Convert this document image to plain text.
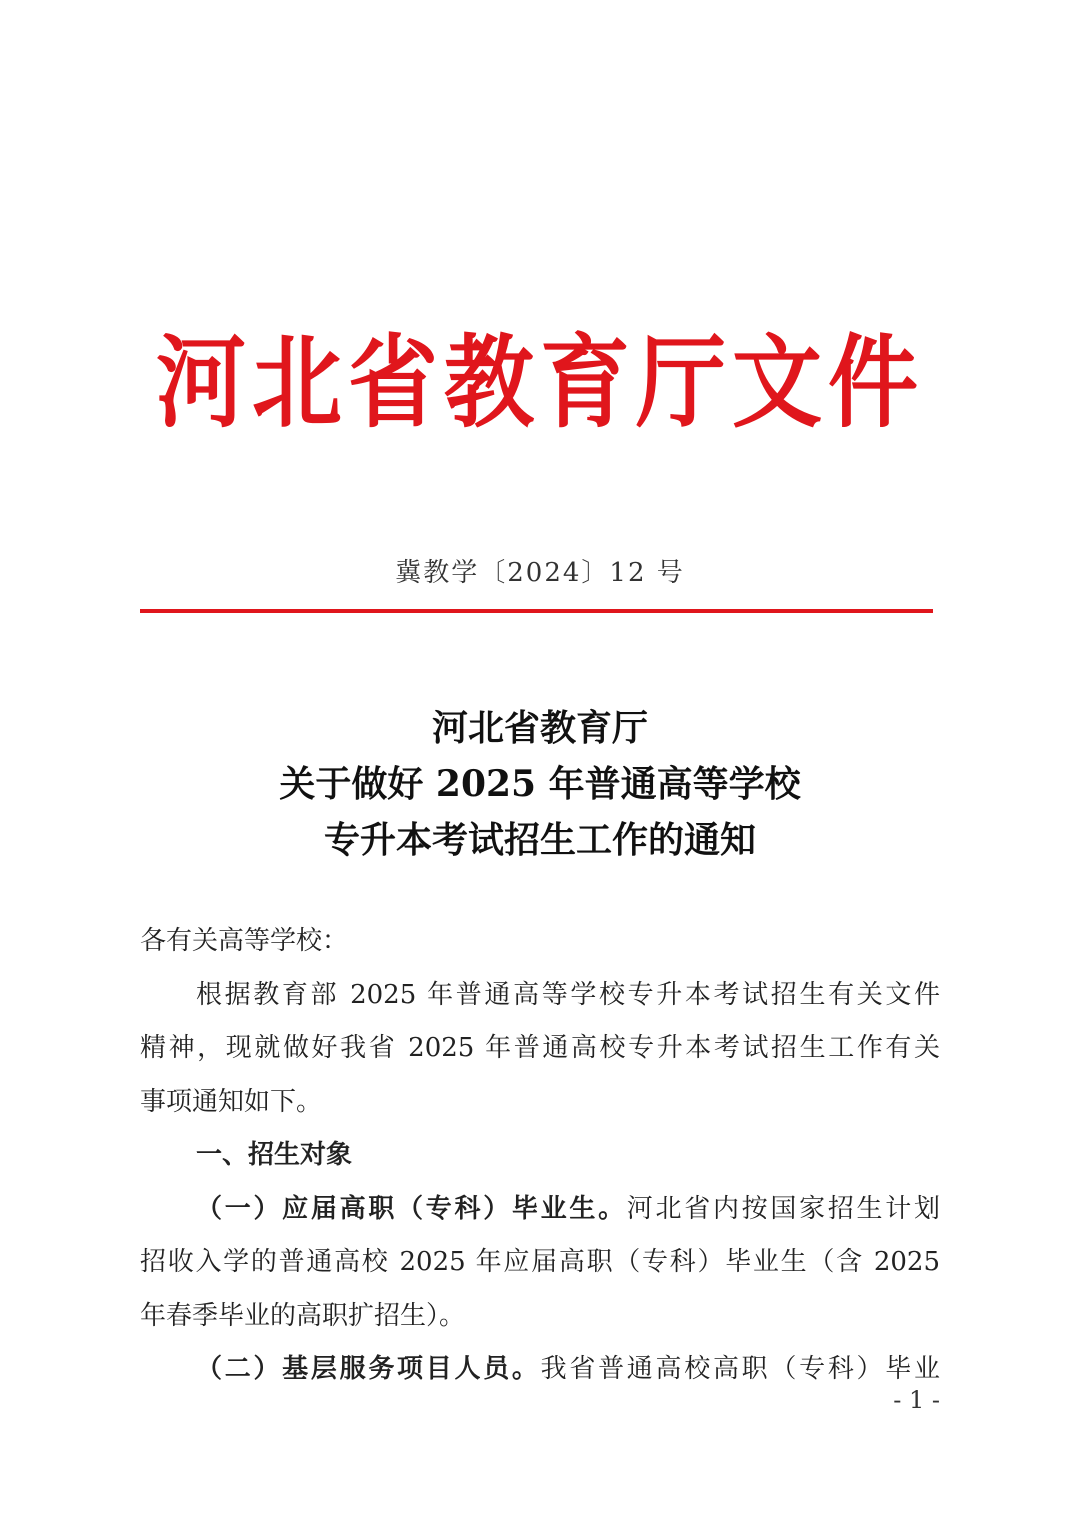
河北省教育厅文件
冀教学〔2024〕12 号
河北省教育厅
关于做好 2025 年普通高等学校
专升本考试招生工作的通知
各有关高等学校：
根据教育部 2025 年普通高等学校专升本考试招生有关文件
精神，现就做好我省 2025 年普通高校专升本考试招生工作有关
事项通知如下。
一、招生对象
（一）应届高职（专科）毕业生。河北省内按国家招生计划
招收入学的普通高校 2025 年应届高职（专科）毕业生（含 2025
年春季毕业的高职扩招生）。
（二）基层服务项目人员。我省普通高校高职（专科）毕业
- 1 -
